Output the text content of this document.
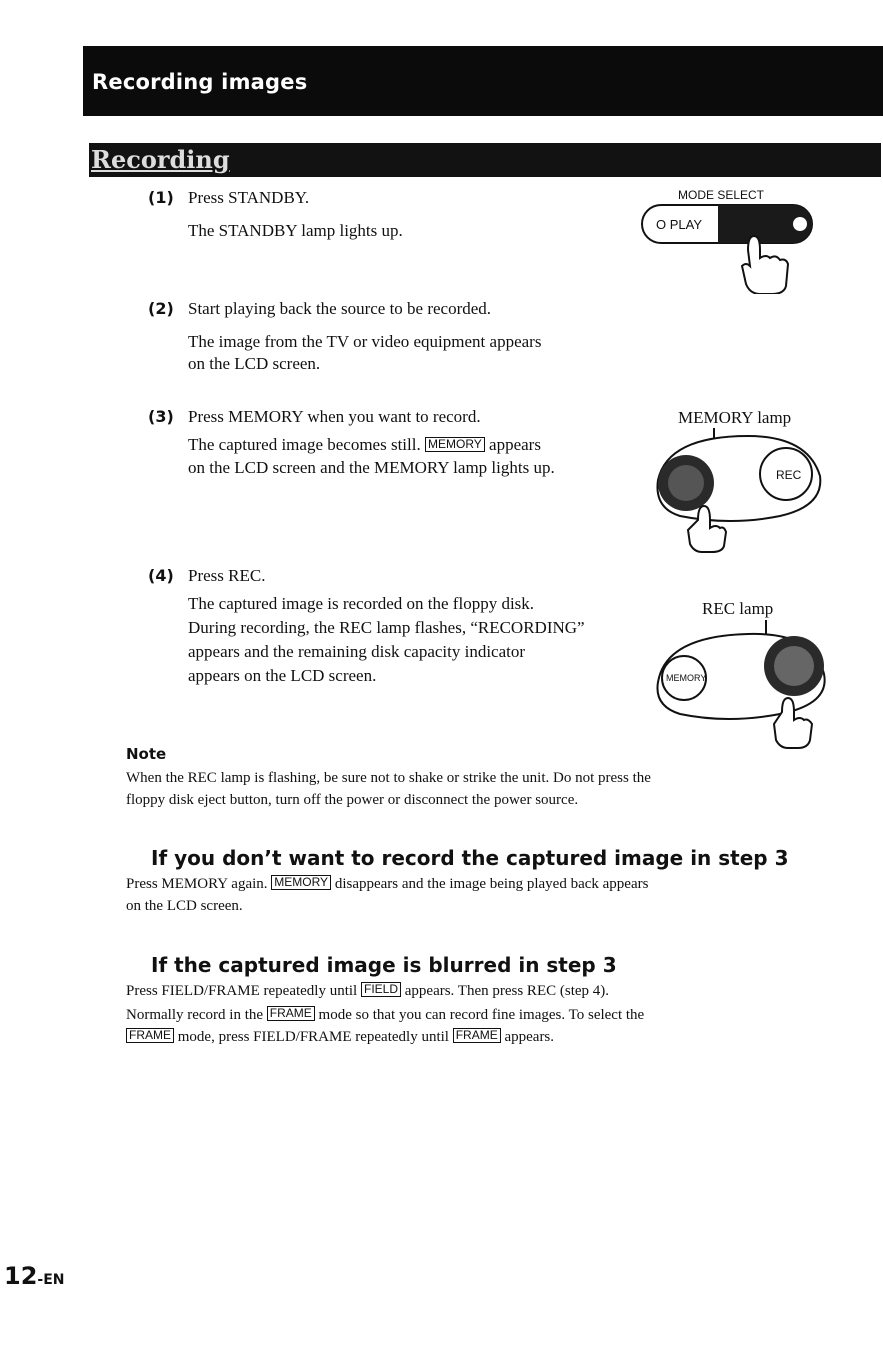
Recording images
Recording
(1) Press STANDBY.
The STANDBY lamp lights up.
(2) Start playing back the source to be recorded.
The image from the TV or video equipment appears
on the LCD screen.
(3) Press MEMORY when you want to record.
The captured image becomes still. MEMORY appears
on the LCD screen and the MEMORY lamp lights up.
(4) Press REC.
The captured image is recorded on the floppy disk.
During recording, the REC lamp flashes, “RECORDING”
appears and the remaining disk capacity indicator
appears on the LCD screen.
MODE SELECT
O PLAY
MEMORY lamp
REC
REC lamp
MEMORY
Note
When the REC lamp is flashing, be sure not to shake or strike the unit. Do not press the
floppy disk eject button, turn off the power or disconnect the power source.
If you don’t want to record the captured image in step 3
Press MEMORY again. MEMORY disappears and the image being played back appears
on the LCD screen.
If the captured image is blurred in step 3
Press FIELD/FRAME repeatedly until FIELD appears. Then press REC (step 4).
Normally record in the FRAME mode so that you can record fine images. To select the
FRAME mode, press FIELD/FRAME repeatedly until FRAME appears.
12-EN
